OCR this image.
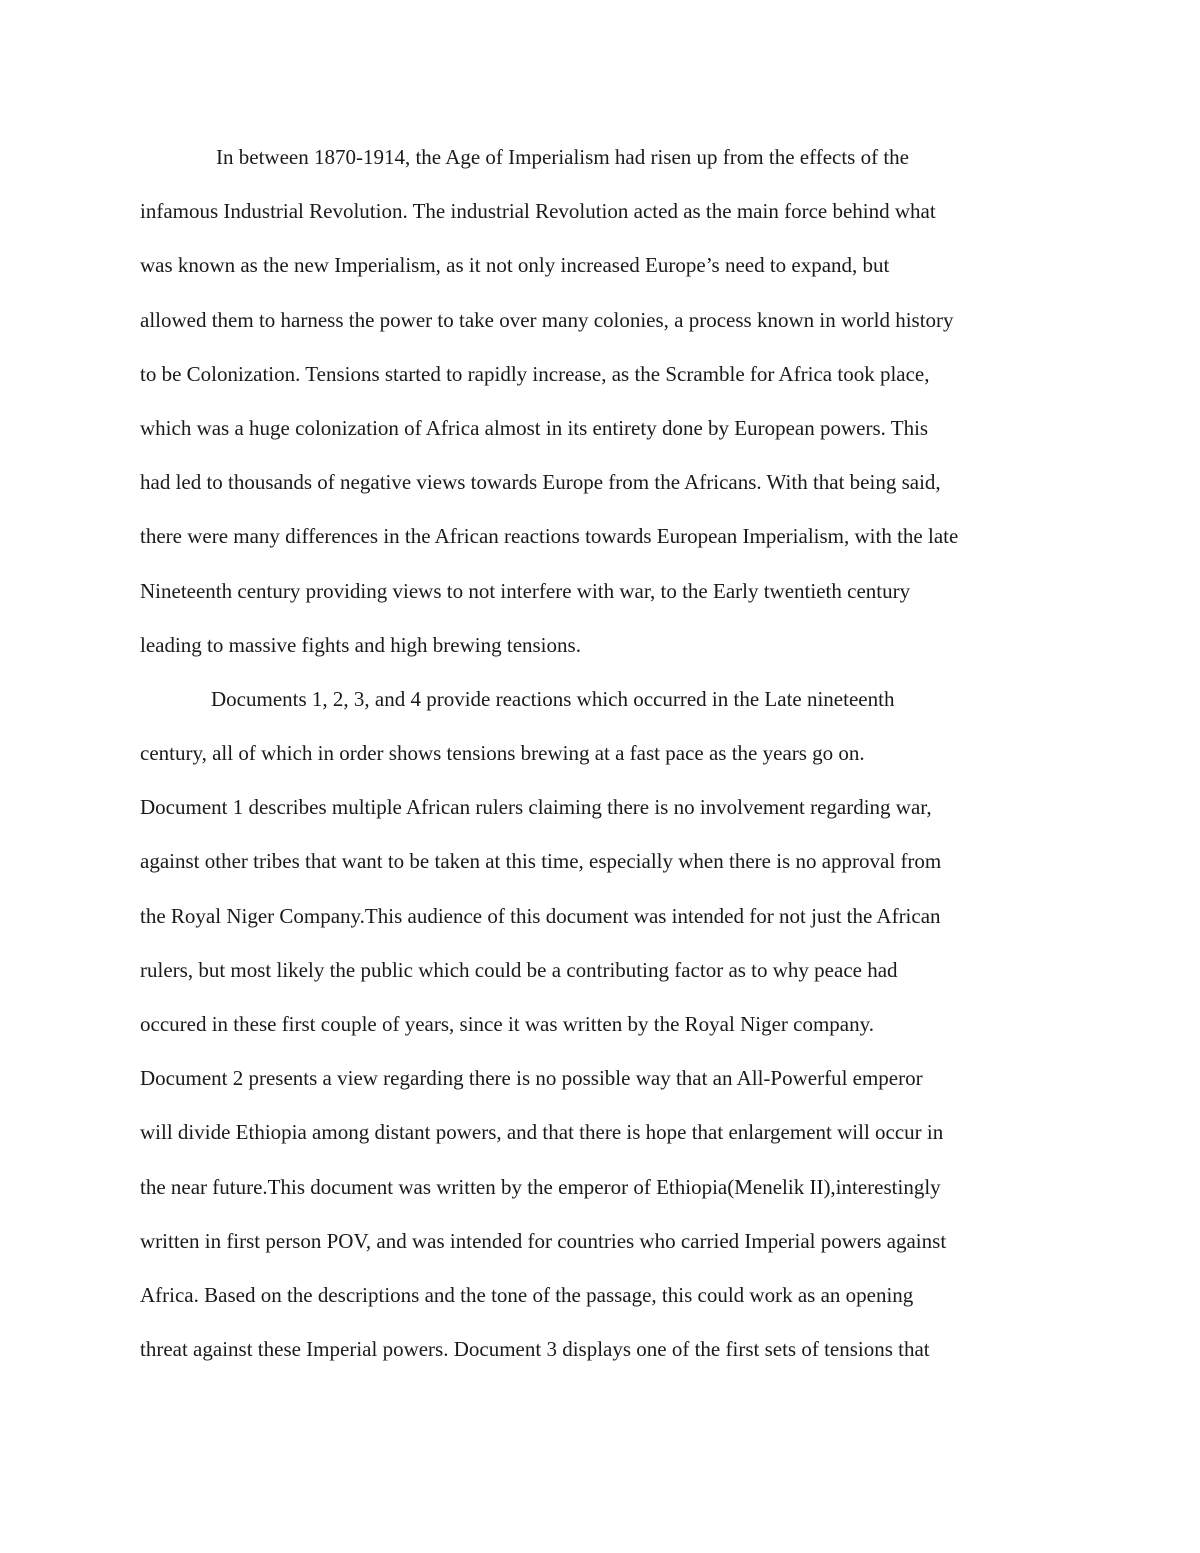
In between 1870-1914, the Age of Imperialism had risen up from the effects of the
infamous Industrial Revolution. The industrial Revolution acted as the main force behind what
was known as the new Imperialism, as it not only increased Europe’s need to expand, but
allowed them to harness the power to take over many colonies, a process known in world history
to be Colonization. Tensions started to rapidly increase, as the Scramble for Africa took place,
which was a huge colonization of Africa almost in its entirety done by European powers. This
had led to thousands of negative views towards Europe from the Africans. With that being said,
there were many differences in the African reactions towards European Imperialism, with the late
Nineteenth century providing views to not interfere with war, to the Early twentieth century
leading to massive fights and high brewing tensions.
Documents 1, 2, 3, and 4 provide reactions which occurred in the Late nineteenth
century, all of which in order shows tensions brewing at a fast pace as the years go on.
Document 1 describes multiple African rulers claiming there is no involvement regarding war,
against other tribes that want to be taken at this time, especially when there is no approval from
the Royal Niger Company.This audience of this document was intended for not just the African
rulers, but most likely the public which could be a contributing factor as to why peace had
occured in these first couple of years, since it was written by the Royal Niger company.
Document 2 presents a view regarding there is no possible way that an All-Powerful emperor
will divide Ethiopia among distant powers, and that there is hope that enlargement will occur in
the near future.This document was written by the emperor of Ethiopia(Menelik II),interestingly
written in first person POV, and was intended for countries who carried Imperial powers against
Africa. Based on the descriptions and the tone of the passage, this could work as an opening
threat against these Imperial powers. Document 3 displays one of the first sets of tensions that
